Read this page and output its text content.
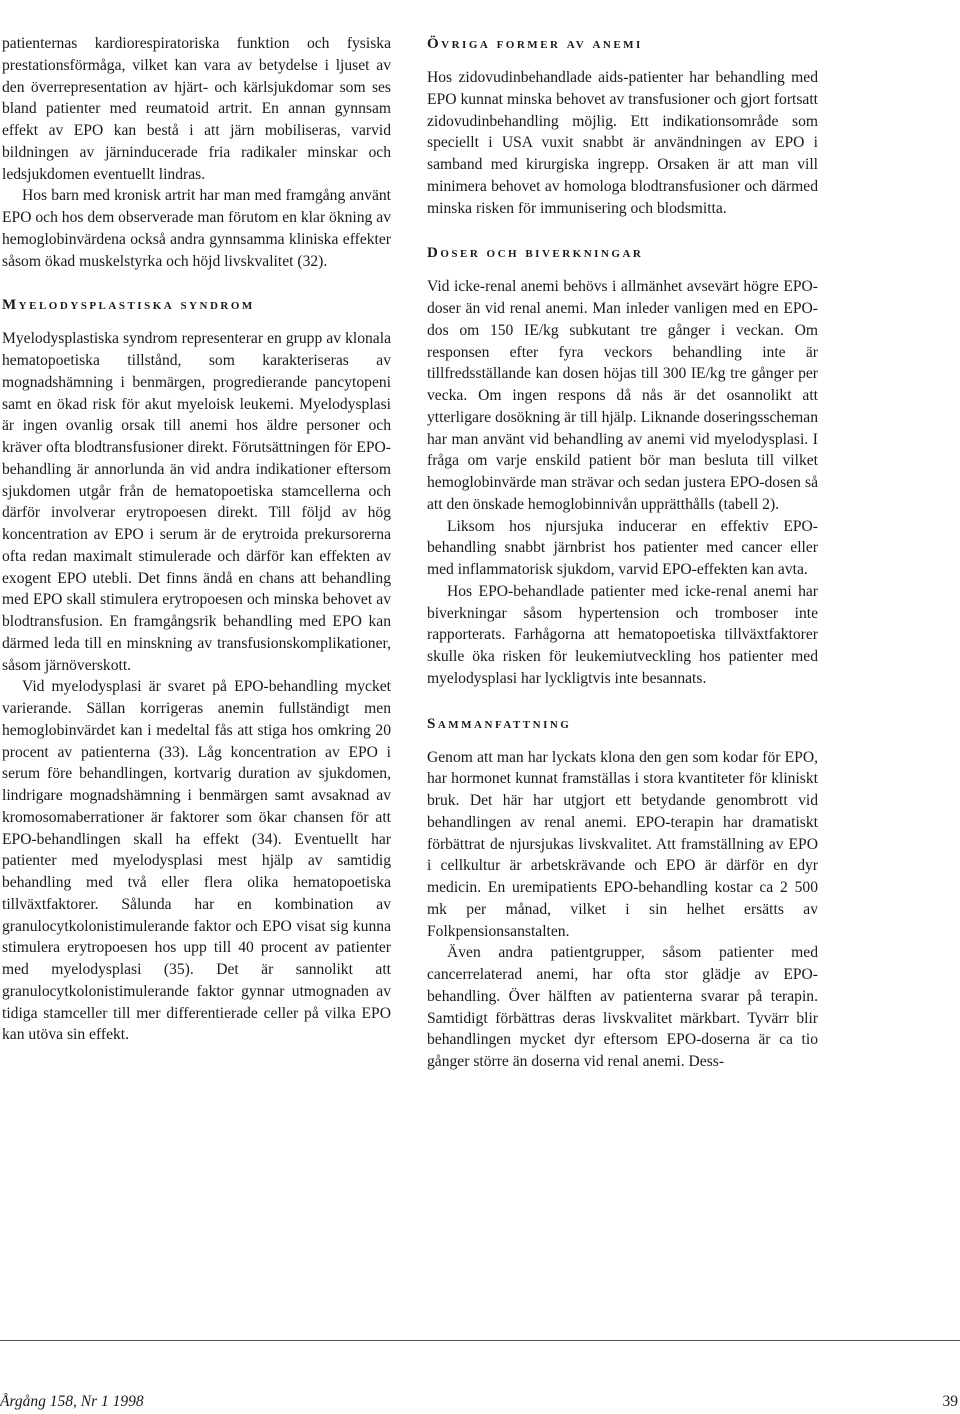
patienternas kardiorespiratoriska funktion och fysiska prestationsförmåga, vilket kan vara av betydelse i ljuset av den överrepresentation av hjärt- och kärlsjukdomar som ses bland patienter med reumatoid artrit. En annan gynnsam effekt av EPO kan bestå i att järn mobiliseras, varvid bildningen av järninducerade fria radikaler minskar och ledsjukdomen eventuellt lindras.

Hos barn med kronisk artrit har man med framgång använt EPO och hos dem observerade man förutom en klar ökning av hemoglobinvärdena också andra gynnsamma kliniska effekter såsom ökad muskelstyrka och höjd livskvalitet (32).

Myelodysplastiska syndrom

Myelodysplastiska syndrom representerar en grupp av klonala hematopoetiska tillstånd, som karakteriseras av mognadshämning i benmärgen, progredierande pancytopeni samt en ökad risk för akut myeloisk leukemi. Myelodysplasi är ingen ovanlig orsak till anemi hos äldre personer och kräver ofta blodtransfusioner direkt. Förutsättningen för EPO-behandling är annorlunda än vid andra indikationer eftersom sjukdomen utgår från de hematopoetiska stamcellerna och därför involverar erytropoesen direkt. Till följd av hög koncentration av EPO i serum är de erytroida prekursorerna ofta redan maximalt stimulerade och därför kan effekten av exogent EPO utebli. Det finns ändå en chans att behandling med EPO skall stimulera erytropoesen och minska behovet av blodtransfusion. En framgångsrik behandling med EPO kan därmed leda till en minskning av transfusionskomplikationer, såsom järnöverskott.

Vid myelodysplasi är svaret på EPO-behandling mycket varierande. Sällan korrigeras anemin fullständigt men hemoglobinvärdet kan i medeltal fås att stiga hos omkring 20 procent av patienterna (33). Låg koncentration av EPO i serum före behandlingen, kortvarig duration av sjukdomen, lindrigare mognadshämning i benmärgen samt avsaknad av kromosomaberrationer är faktorer som ökar chansen för att EPO-behandlingen skall ha effekt (34). Eventuellt har patienter med myelodysplasi mest hjälp av samtidig behandling med två eller flera olika hematopoetiska tillväxtfaktorer. Sålunda har en kombination av granulocytkolonistimulerande faktor och EPO visat sig kunna stimulera erytropoesen hos upp till 40 procent av patienter med myelodysplasi (35). Det är sannolikt att granulocytkolonistimulerande faktor gynnar utmognaden av tidiga stamceller till mer differentierade celler på vilka EPO kan utöva sin effekt.

Övriga former av anemi

Hos zidovudinbehandlade aids-patienter har behandling med EPO kunnat minska behovet av transfusioner och gjort fortsatt zidovudinbehandling möjlig. Ett indikationsområde som speciellt i USA vuxit snabbt är användningen av EPO i samband med kirurgiska ingrepp. Orsaken är att man vill minimera behovet av homologa blodtransfusioner och därmed minska risken för immunisering och blodsmitta.

Doser och biverkningar

Vid icke-renal anemi behövs i allmänhet avsevärt högre EPO-doser än vid renal anemi. Man inleder vanligen med en EPO-dos om 150 IE/kg subkutant tre gånger i veckan. Om responsen efter fyra veckors behandling inte är tillfredsställande kan dosen höjas till 300 IE/kg tre gånger per vecka. Om ingen respons då nås är det osannolikt att ytterligare dosökning är till hjälp. Liknande doseringsscheman har man använt vid behandling av anemi vid myelodysplasi. I fråga om varje enskild patient bör man besluta till vilket hemoglobinvärde man strävar och sedan justera EPO-dosen så att den önskade hemoglobinnivån upprätthålls (tabell 2).

Liksom hos njursjuka inducerar en effektiv EPO-behandling snabbt järnbrist hos patienter med cancer eller med inflammatorisk sjukdom, varvid EPO-effekten kan avta.

Hos EPO-behandlade patienter med icke-renal anemi har biverkningar såsom hypertension och tromboser inte rapporterats. Farhågorna att hematopoetiska tillväxtfaktorer skulle öka risken för leukemiutveckling hos patienter med myelodysplasi har lyckligtvis inte besannats.

Sammanfattning

Genom att man har lyckats klona den gen som kodar för EPO, har hormonet kunnat framställas i stora kvantiteter för kliniskt bruk. Det här har utgjort ett betydande genombrott vid behandlingen av renal anemi. EPO-terapin har dramatiskt förbättrat de njursjukas livskvalitet. Att framställning av EPO i cellkultur är arbetskrävande och EPO är därför en dyr medicin. En uremipatients EPO-behandling kostar ca 2 500 mk per månad, vilket i sin helhet ersätts av Folkpensionsanstalten.

Även andra patientgrupper, såsom patienter med cancerrelaterad anemi, har ofta stor glädje av EPO-behandling. Över hälften av patienterna svarar på terapin. Samtidigt förbättras deras livskvalitet märkbart. Tyvärr blir behandlingen mycket dyr eftersom EPO-doserna är ca tio gånger större än doserna vid renal anemi. Dess-

Årgång 158, Nr 1 1998	39
